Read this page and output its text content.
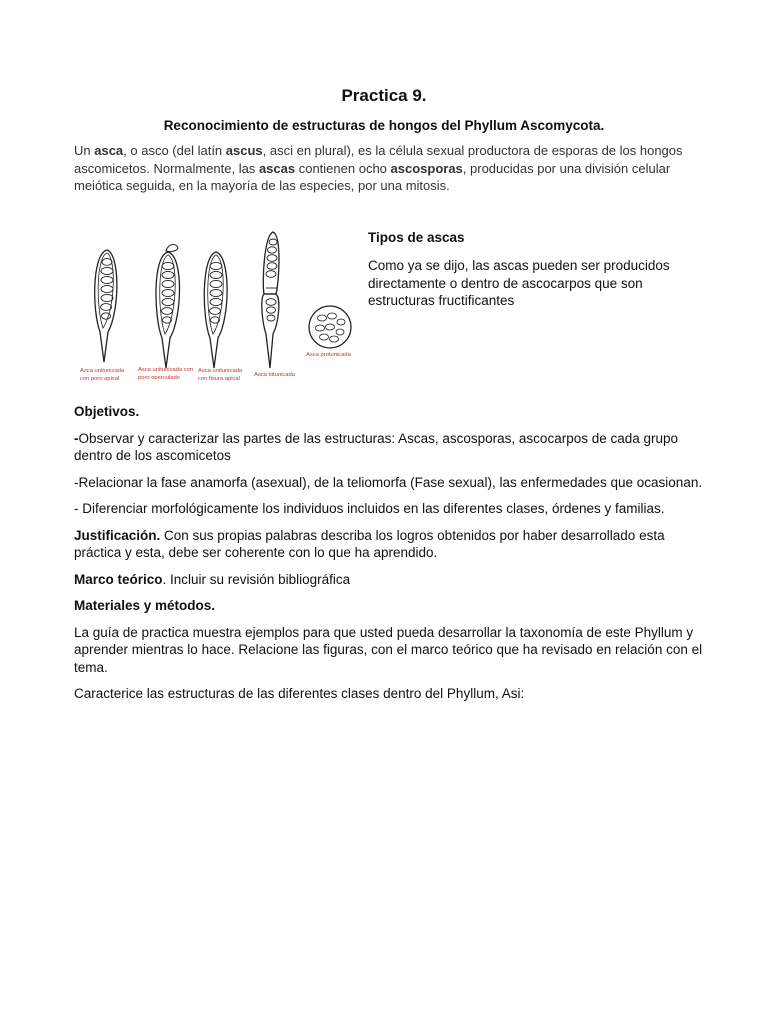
Practica 9.
Reconocimiento de estructuras de hongos del Phyllum Ascomycota.
Un asca, o asco (del latín ascus, asci en plural), es la célula sexual productora de esporas de los hongos ascomicetos. Normalmente, las ascas contienen ocho ascosporas, producidas por una división celular meiótica seguida, en la mayoría de las especies, por una mitosis.
Asca unitunicada
con poro apical
Asca unitunicada con
poro operculado
Asca unitunicada
con fisura apical
Asca bitunicada
Asca protunicada
Tipos de ascas
Como ya se dijo, las ascas pueden ser producidos directamente o dentro de ascocarpos que son estructuras fructificantes

Objetivos.

-Observar y caracterizar las partes de las estructuras: Ascas, ascosporas, ascocarpos de cada grupo dentro de los ascomicetos

-Relacionar la fase anamorfa (asexual), de la teliomorfa (Fase sexual), las enfermedades que ocasionan.

- Diferenciar morfológicamente los individuos incluidos en las diferentes clases, órdenes y familias.

Justificación. Con sus propias palabras describa los logros obtenidos por haber desarrollado esta práctica y esta, debe ser coherente con lo que ha aprendido.

Marco teórico. Incluir su revisión bibliográfica

Materiales y métodos.

La guía de practica muestra ejemplos para que usted pueda desarrollar la taxonomía de este Phyllum y aprender mientras lo hace. Relacione las figuras, con el marco teórico que ha revisado en relación con el tema.

Caracterice las estructuras de las diferentes clases dentro del Phyllum, Asi:
